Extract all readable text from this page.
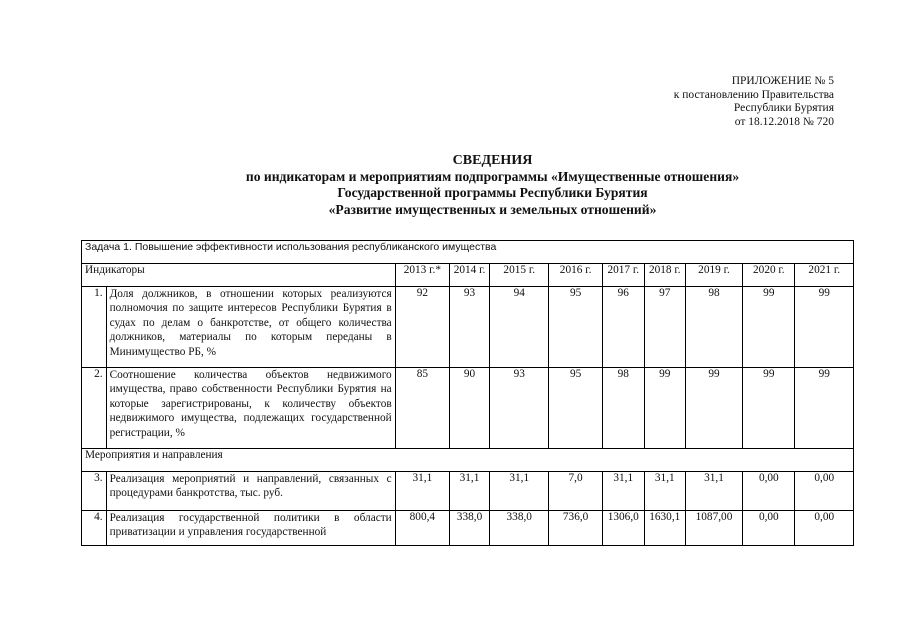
ПРИЛОЖЕНИЕ № 5
к постановлению Правительства
Республики Бурятия
от 18.12.2018 № 720
СВЕДЕНИЯ
по индикаторам и мероприятиям подпрограммы «Имущественные отношения»
Государственной программы Республики Бурятия
«Развитие имущественных и земельных отношений»
Задача 1. Повышение эффективности использования республиканского имущества										
Индикаторы		2013 г.*	2014 г.	2015 г.	2016 г.	2017 г.	2018 г.	2019 г.	2020 г.	2021 г.
1.	Доля должников, в отношении которых реализуются полномочия по защите интересов Республики Бурятия в судах по делам о банкротстве, от общего количества должников, материалы по которым переданы в Минимущество РБ, %	92	93	94	95	96	97	98	99	99
2.	Соотношение количества объектов недвижимого имущества, право собственности Республики Бурятия на которые зарегистрированы, к количеству объектов недвижимого имущества, подлежащих государственной регистрации, %	85	90	93	95	98	99	99	99	99
Мероприятия и направления										
3.	Реализация мероприятий и направлений, связанных с процедурами банкротства, тыс. руб.	31,1	31,1	31,1	7,0	31,1	31,1	31,1	0,00	0,00
4.	Реализация государственной политики в области приватизации и управления государственной	800,4	338,0	338,0	736,0	1306,0	1630,1	1087,00	0,00	0,00
